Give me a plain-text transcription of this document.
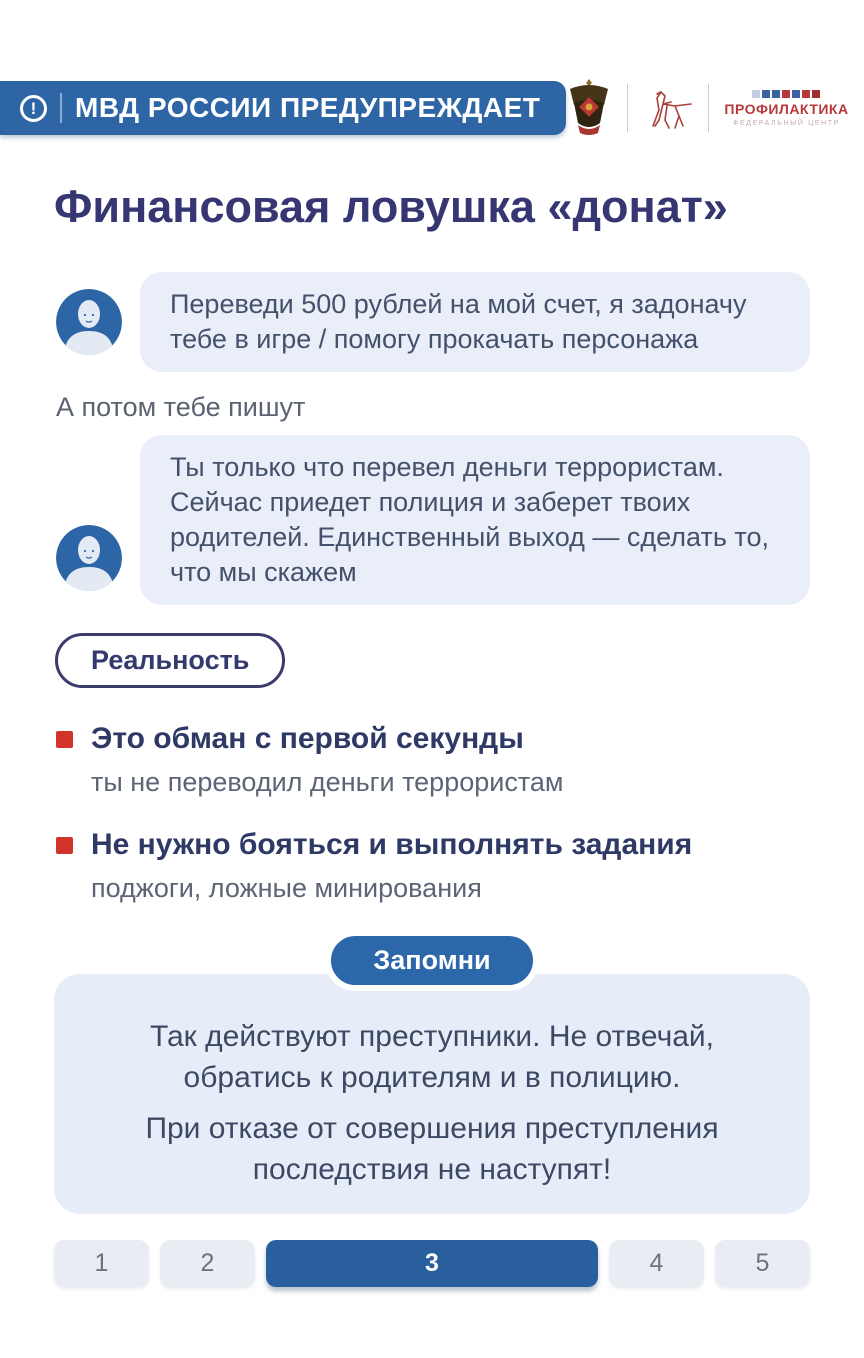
!	МВД РОССИИ ПРЕДУПРЕЖДАЕТ	ПРОФИЛАКТИКА
ФЕДЕРАЛЬНЫЙ ЦЕНТР
Финансовая ловушка «донат»
Переведи 500 рублей на мой счет, я задоначу тебе в игре / помогу прокачать персонажа
А потом тебе пишут
Ты только что перевел деньги террористам. Сейчас приедет полиция и заберет твоих родителей. Единственный выход — сделать то, что мы скажем
Реальность
Это обман с первой секунды
ты не переводил деньги террористам
Не нужно бояться и выполнять задания
поджоги, ложные минирования
Запомни

Так действуют преступники. Не отвечай, обратись к родителям и в полицию.

При отказе от совершения преступления последствия не наступят!

1	2	3	4	5
